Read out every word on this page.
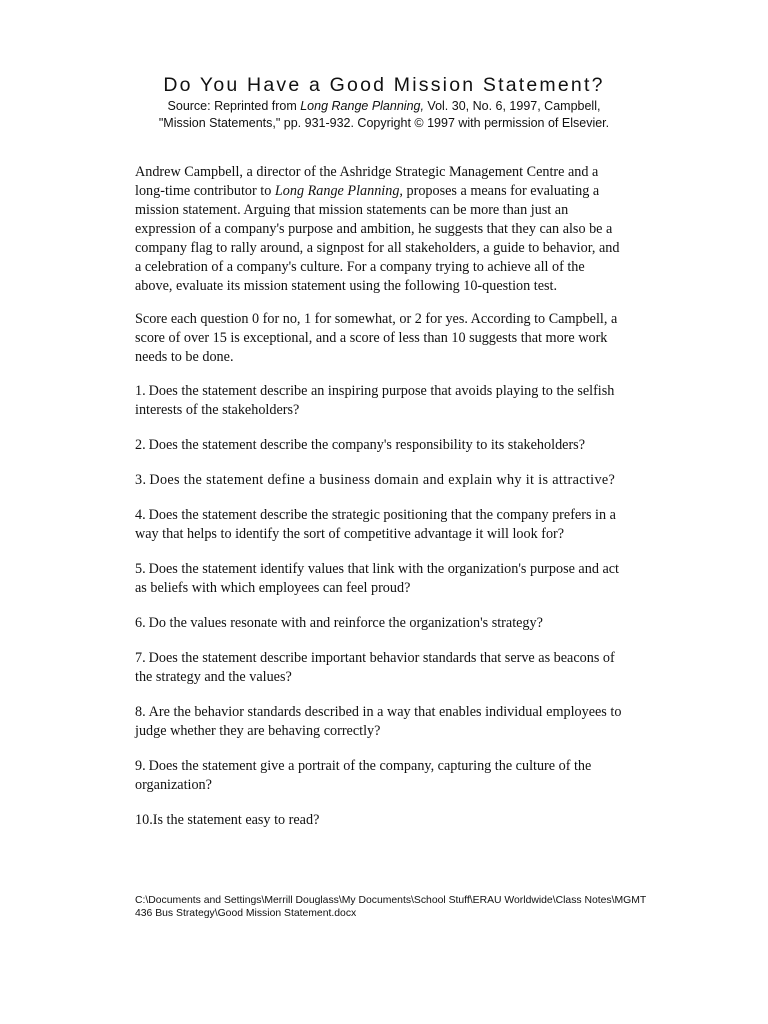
Do You Have a Good Mission Statement?
Source: Reprinted from Long Range Planning, Vol. 30, No. 6, 1997, Campbell,
"Mission Statements," pp. 931-932. Copyright © 1997 with permission of Elsevier.

Andrew Campbell, a director of the Ashridge Strategic Management Centre and a long-time contributor to Long Range Planning, proposes a means for evaluating a mission statement. Arguing that mission statements can be more than just an expression of a company's purpose and ambition, he suggests that they can also be a company flag to rally around, a signpost for all stakeholders, a guide to behavior, and a celebration of a company's culture. For a company trying to achieve all of the above, evaluate its mission statement using the following 10-question test.

Score each question 0 for no, 1 for somewhat, or 2 for yes. According to Campbell, a score of over 15 is exceptional, and a score of less than 10 suggests that more work needs to be done.

1. Does the statement describe an inspiring purpose that avoids playing to the selfish interests of the stakeholders?

2. Does the statement describe the company's responsibility to its stakeholders?

3. Does the statement define a business domain and explain why it is attractive?

4. Does the statement describe the strategic positioning that the company prefers in a way that helps to identify the sort of competitive advantage it will look for?

5. Does the statement identify values that link with the organization's purpose and act as beliefs with which employees can feel proud?

6. Do the values resonate with and reinforce the organization's strategy?

7. Does the statement describe important behavior standards that serve as beacons of the strategy and the values?

8. Are the behavior standards described in a way that enables individual employees to judge whether they are behaving correctly?

9. Does the statement give a portrait of the company, capturing the culture of the organization?

10.Is the statement easy to read?

C:\Documents and Settings\Merrill Douglass\My Documents\School Stuff\ERAU Worldwide\Class Notes\MGMT
436 Bus Strategy\Good Mission Statement.docx
